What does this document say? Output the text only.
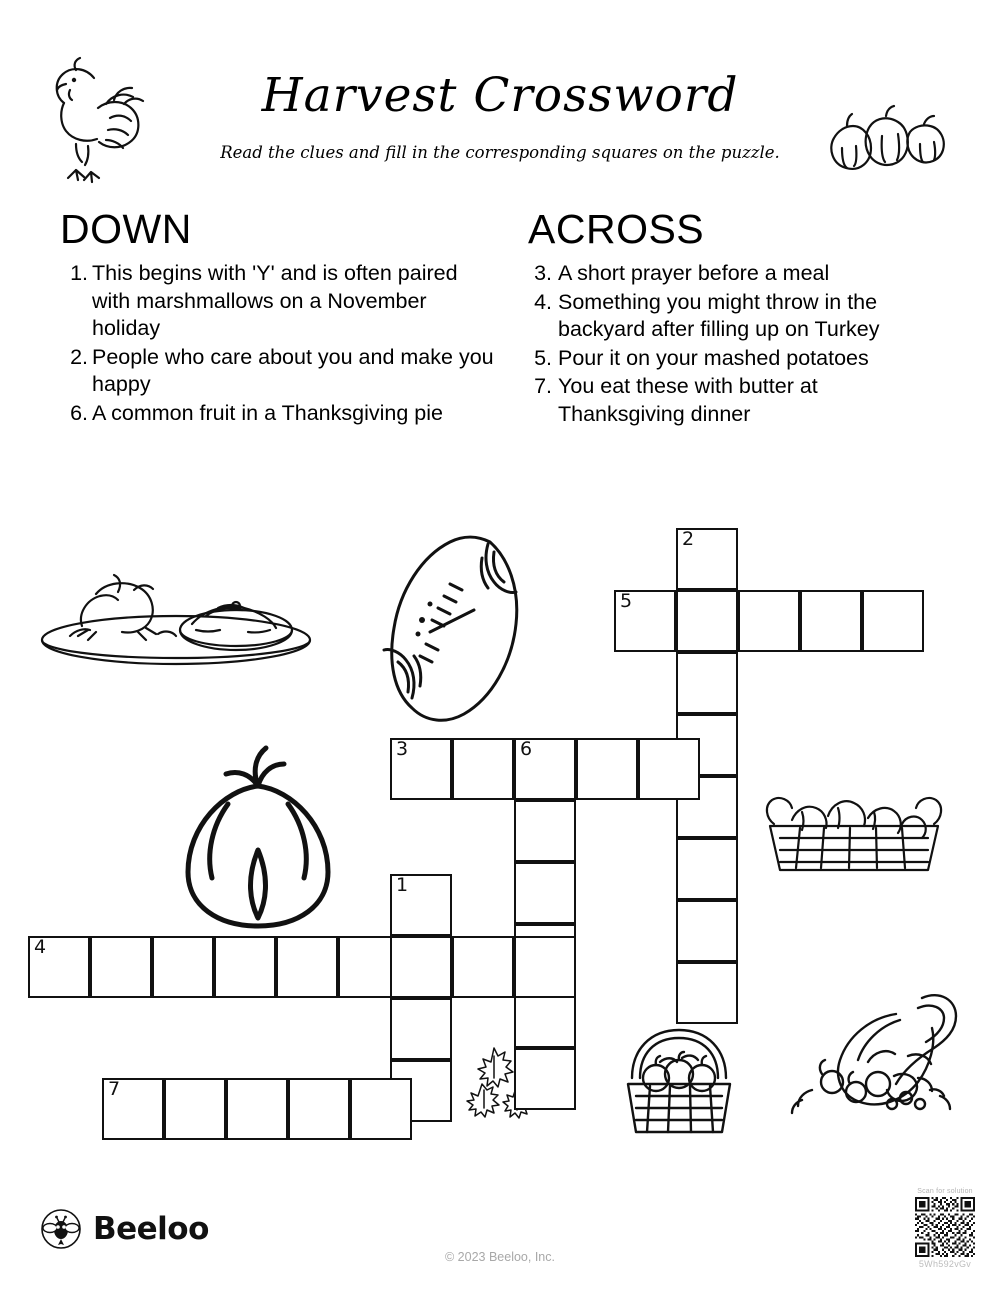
Harvest Crossword
Read the clues and fill in the corresponding squares on the puzzle.
DOWN
1. This begins with 'Y' and is often paired with marshmallows on a November holiday
2. People who care about you and make you happy
6. A common fruit in a Thanksgiving pie
ACROSS
3. A short prayer before a meal
4. Something you might throw in the backyard after filling up on Turkey
5. Pour it on your mashed potatoes
7. You eat these with butter at Thanksgiving dinner
2
5
3	6
1
4
7
Beeloo
© 2023 Beeloo, Inc.
Scan for solution
5Wh592vGv
